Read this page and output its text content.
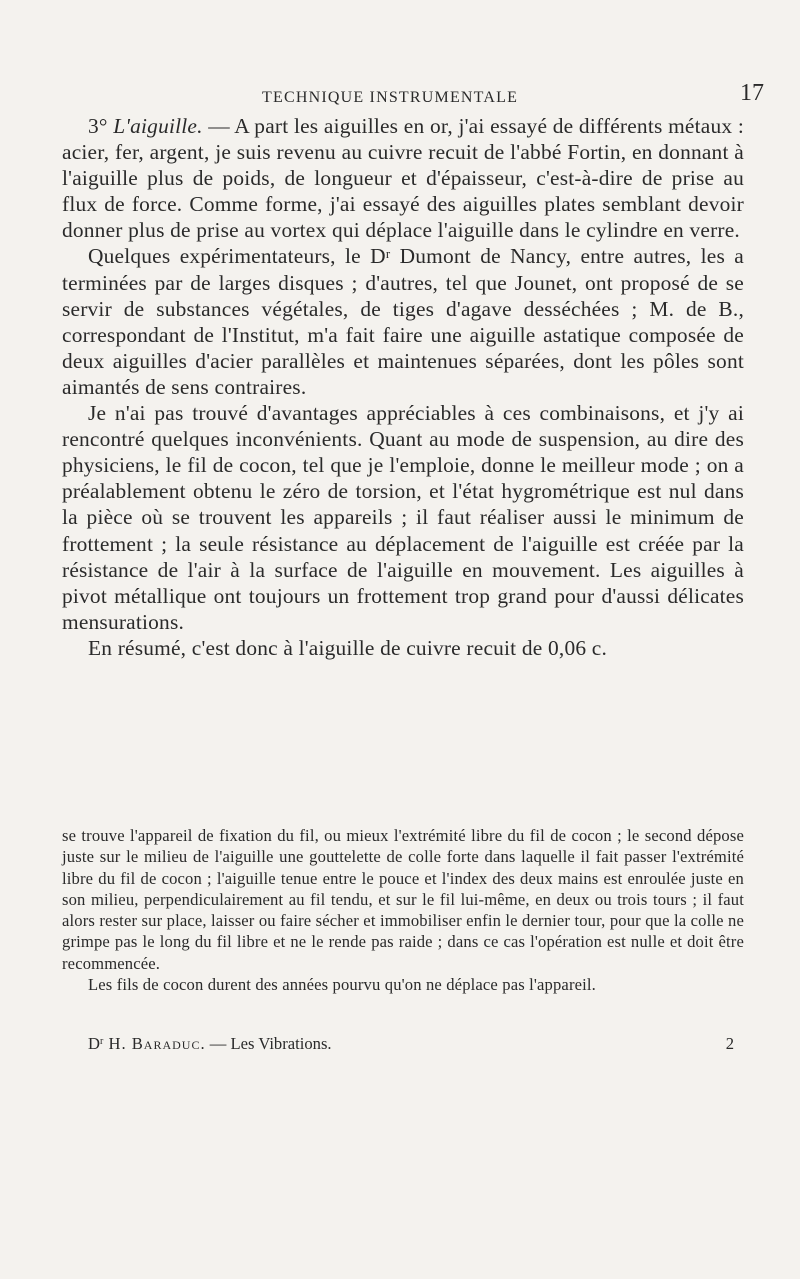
TECHNIQUE INSTRUMENTALE	17

3° L'aiguille. — A part les aiguilles en or, j'ai essayé de différents métaux : acier, fer, argent, je suis revenu au cuivre recuit de l'abbé Fortin, en donnant à l'aiguille plus de poids, de longueur et d'épaisseur, c'est-à-dire de prise au flux de force. Comme forme, j'ai essayé des aiguilles plates semblant devoir donner plus de prise au vortex qui déplace l'aiguille dans le cylindre en verre.

Quelques expérimentateurs, le $D^r$ Dumont de Nancy, entre autres, les a terminées par de larges disques ; d'autres, tel que Jounet, ont proposé de se servir de substances végétales, de tiges d'agave desséchées ; M. de B., correspondant de l'Institut, m'a fait faire une aiguille astatique composée de deux aiguilles d'acier parallèles et maintenues séparées, dont les pôles sont aimantés de sens contraires.

Je n'ai pas trouvé d'avantages appréciables à ces combinaisons, et j'y ai rencontré quelques inconvénients. Quant au mode de suspension, au dire des physiciens, le fil de cocon, tel que je l'emploie, donne le meilleur mode ; on a préalablement obtenu le zéro de torsion, et l'état hygrométrique est nul dans la pièce où se trouvent les appareils ; il faut réaliser aussi le minimum de frottement ; la seule résistance au déplacement de l'aiguille est créée par la résistance de l'air à la surface de l'aiguille en mouvement. Les aiguilles à pivot métallique ont toujours un frottement trop grand pour d'aussi délicates mensurations.

En résumé, c'est donc à l'aiguille de cuivre recuit de 0,06 c.

se trouve l'appareil de fixation du fil, ou mieux l'extrémité libre du fil de cocon ; le second dépose juste sur le milieu de l'aiguille une gouttelette de colle forte dans laquelle il fait passer l'extrémité libre du fil de cocon ; l'aiguille tenue entre le pouce et l'index des deux mains est enroulée juste en son milieu, perpendiculairement au fil tendu, et sur le fil lui-même, en deux ou trois tours ; il faut alors rester sur place, laisser ou faire sécher et immobiliser enfin le dernier tour, pour que la colle ne grimpe pas le long du fil libre et ne le rende pas raide ; dans ce cas l'opération est nulle et doit être recommencée.

Les fils de cocon durent des années pourvu qu'on ne déplace pas l'appareil.

$D^r$ H. Baraduc. — Les Vibrations.	2
